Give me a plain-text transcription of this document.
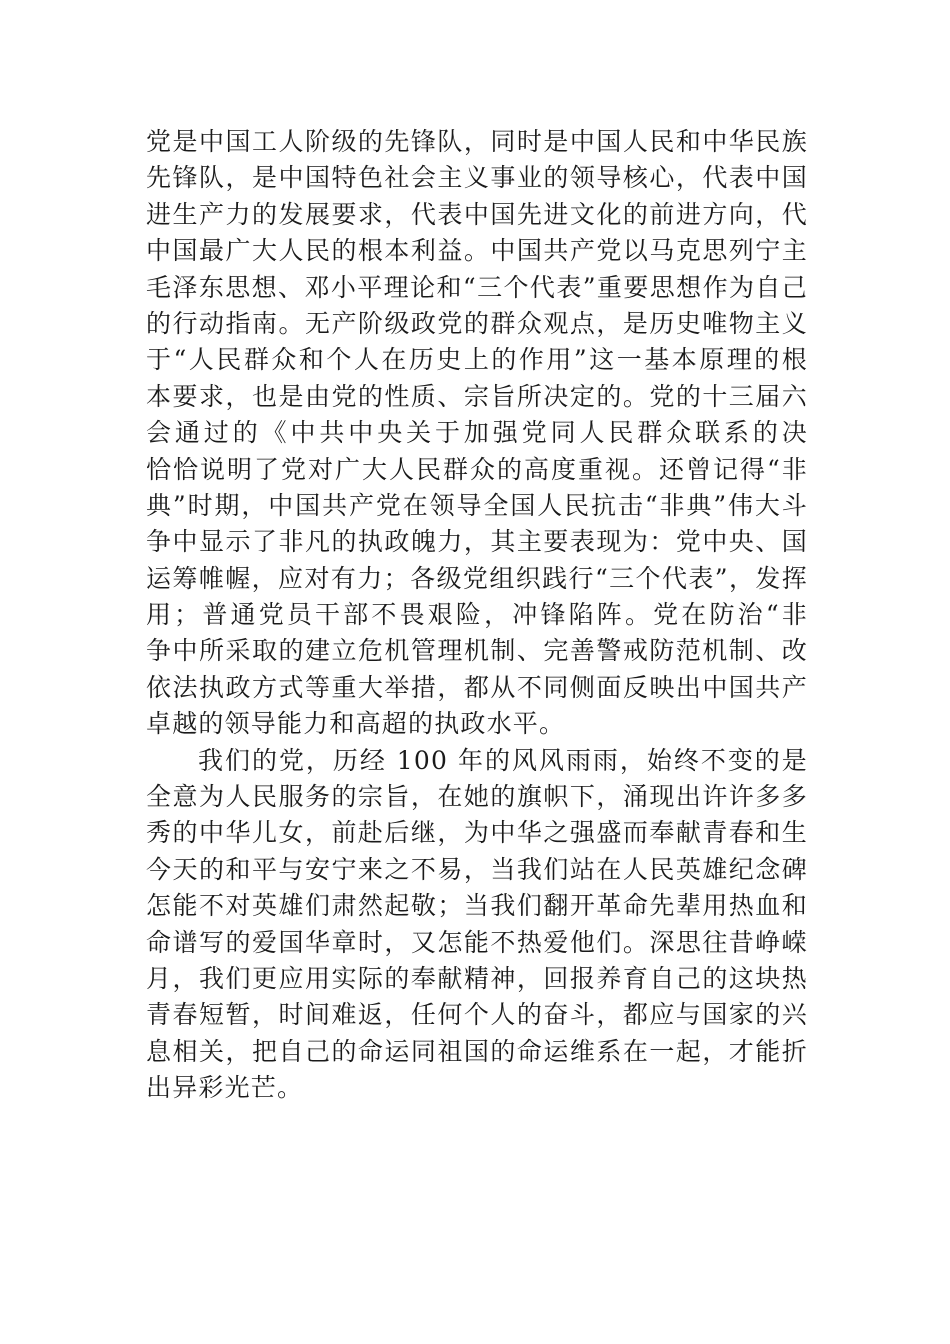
党是中国工人阶级的先锋队，同时是中国人民和中华民族
先锋队，是中国特色社会主义事业的领导核心，代表中国
进生产力的发展要求，代表中国先进文化的前进方向，代
中国最广大人民的根本利益。中国共产党以马克思列宁主
毛泽东思想、邓小平理论和“三个代表”重要思想作为自己
的行动指南。无产阶级政党的群众观点，是历史唯物主义
于“人民群众和个人在历史上的作用”这一基本原理的根
本要求，也是由党的性质、宗旨所决定的。党的十三届六
会通过的《中共中央关于加强党同人民群众联系的决
恰恰说明了党对广大人民群众的高度重视。还曾记得“非
典”时期，中国共产党在领导全国人民抗击“非典”伟大斗
争中显示了非凡的执政魄力，其主要表现为：党中央、国
运筹帷幄，应对有力；各级党组织践行“三个代表”，发挥
用；普通党员干部不畏艰险，冲锋陷阵。党在防治“非
争中所采取的建立危机管理机制、完善警戒防范机制、改
依法执政方式等重大举措，都从不同侧面反映出中国共产
卓越的领导能力和高超的执政水平。
我们的党，历经 100 年的风风雨雨，始终不变的是
全意为人民服务的宗旨，在她的旗帜下，涌现出许许多多
秀的中华儿女，前赴后继，为中华之强盛而奉献青春和生
今天的和平与安宁来之不易，当我们站在人民英雄纪念碑
怎能不对英雄们肃然起敬；当我们翻开革命先辈用热血和
命谱写的爱国华章时，又怎能不热爱他们。深思往昔峥嵘
月，我们更应用实际的奉献精神，回报养育自己的这块热
青春短暂，时间难返，任何个人的奋斗，都应与国家的兴
息相关，把自己的命运同祖国的命运维系在一起，才能折
出异彩光芒。
